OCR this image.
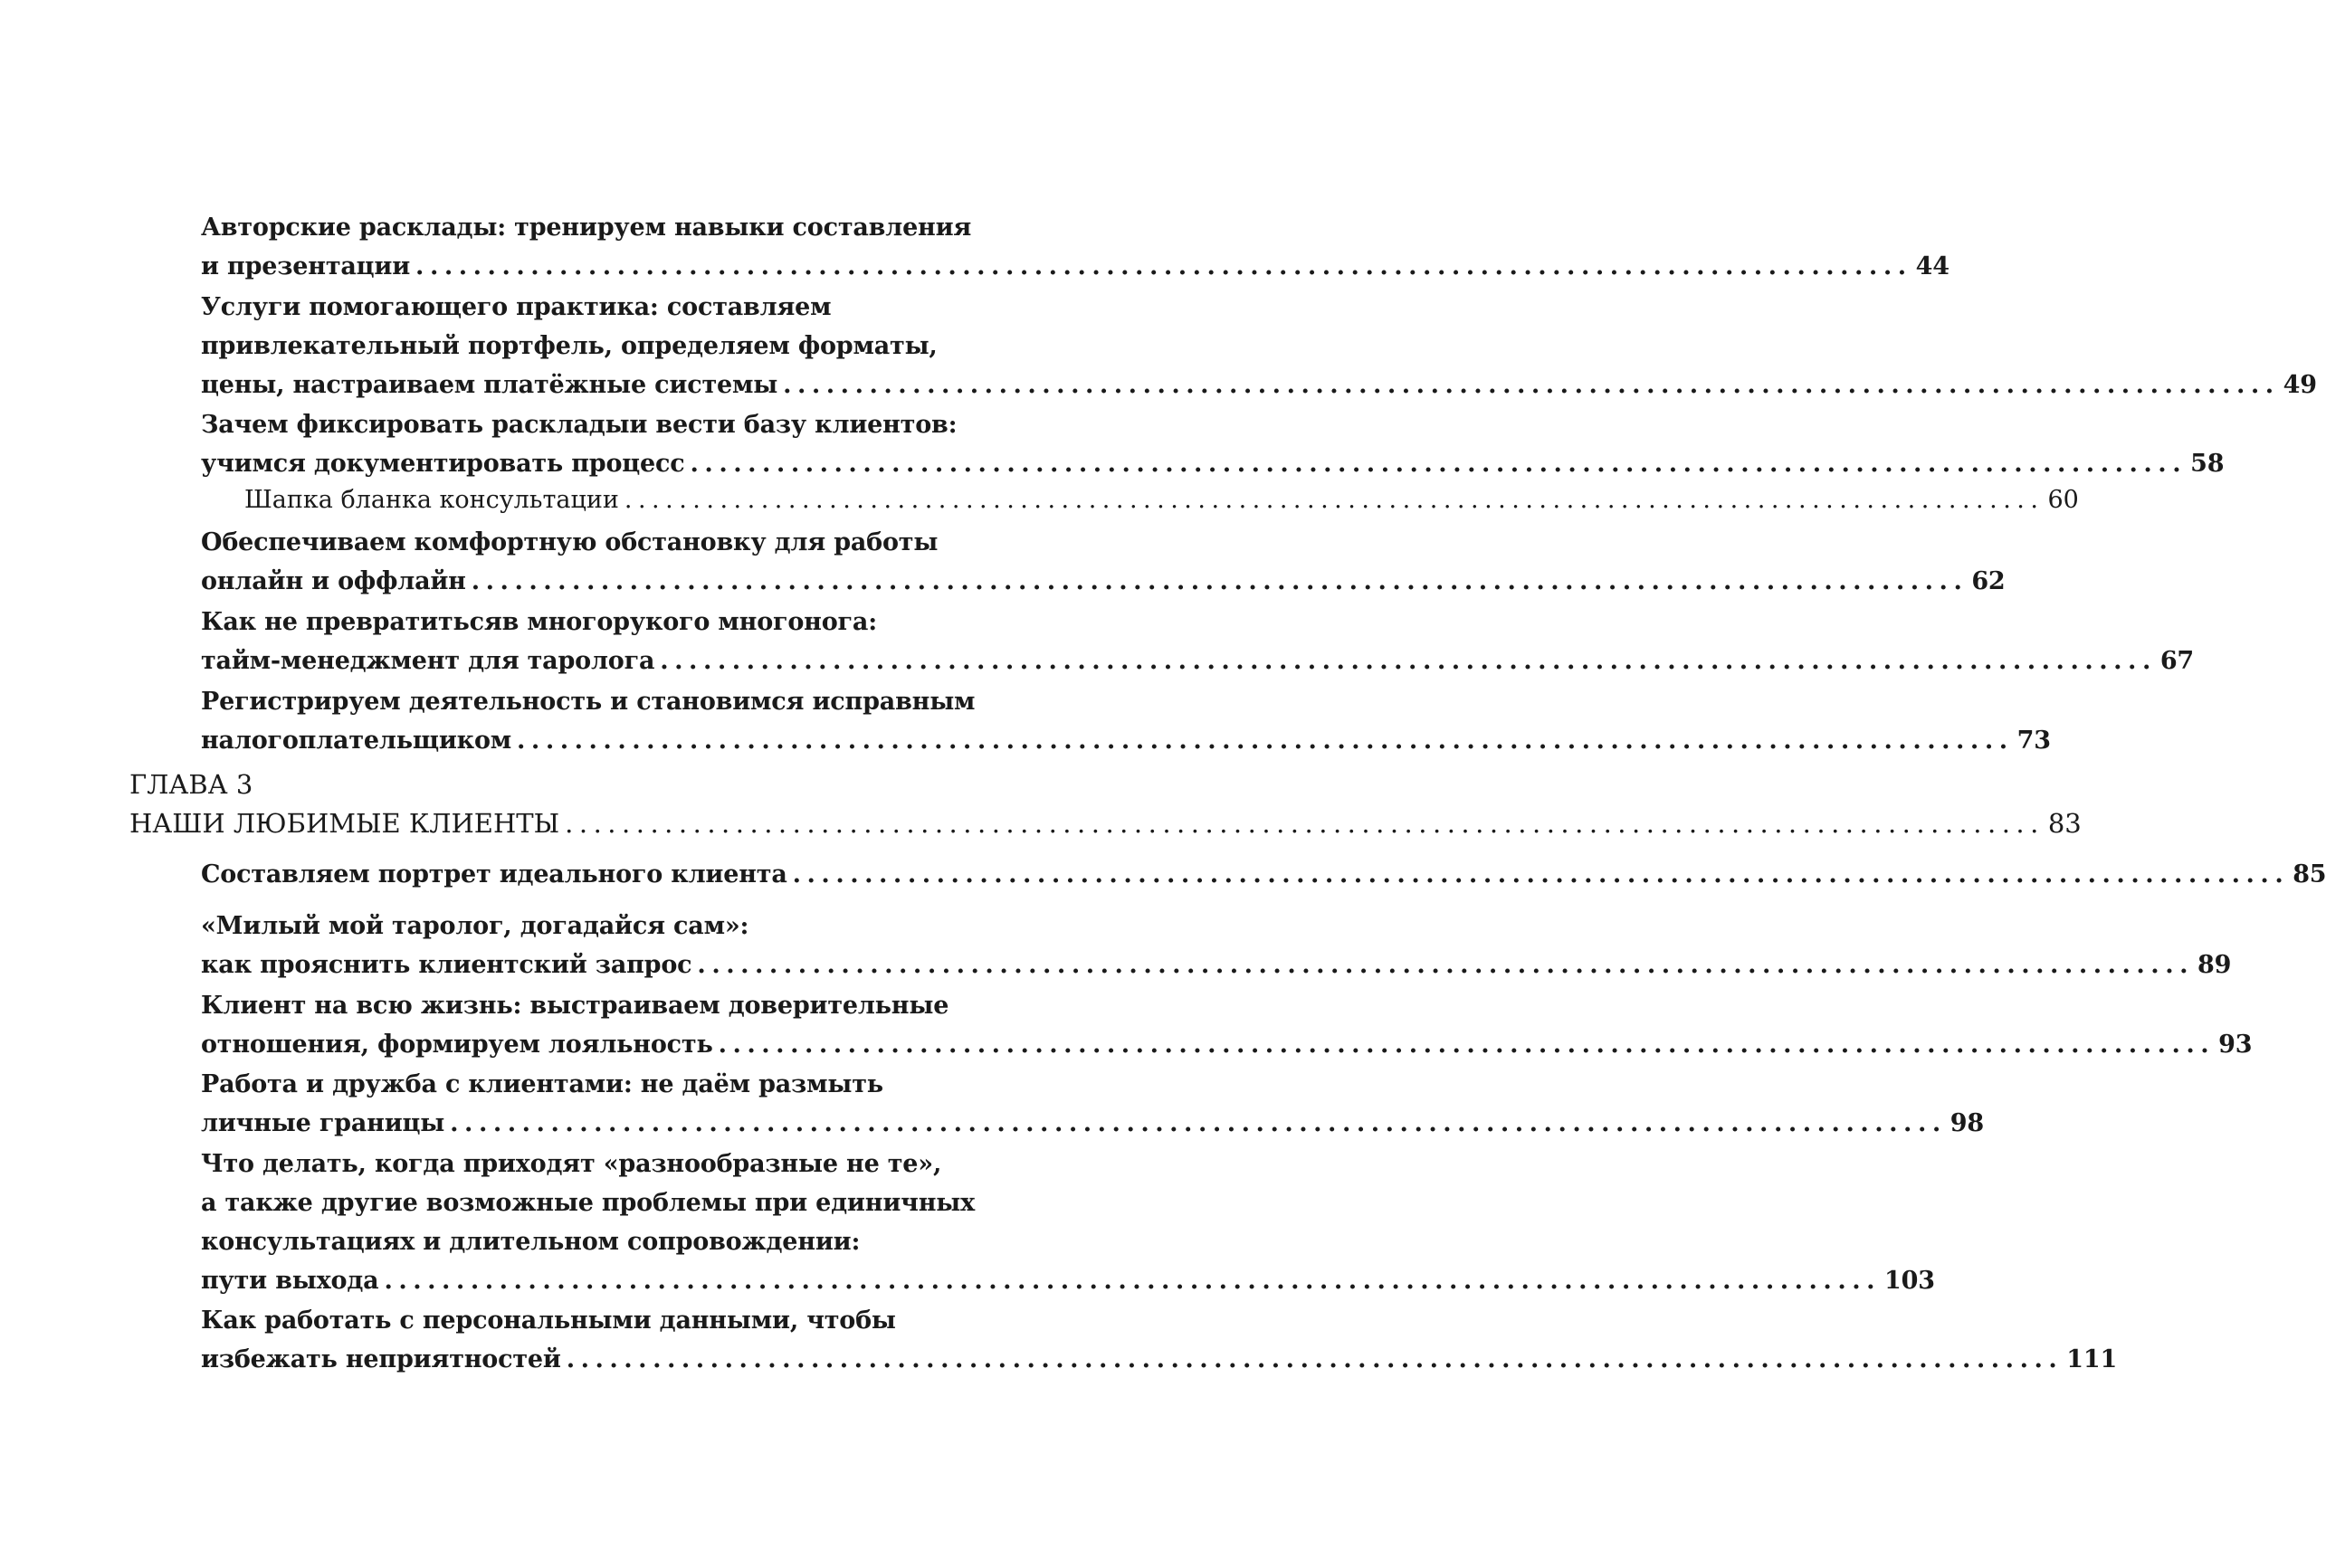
Авторские расклады: тренируем навыки составления
и презентации ........................................................................................................ 44
Услуги помогающего практика: составляем
привлекательный портфель, определяем форматы,
цены, настраиваем платёжные системы ........................................................................................................ 49
Зачем фиксировать раскладыи вести базу клиентов:
учимся документировать процесс ........................................................................................................ 58
Шапка бланка консультации ........................................................................................................ 60
Обеспечиваем комфортную обстановку для работы
онлайн и оффлайн ........................................................................................................ 62
Как не превратитьсяв многорукого многонога:
тайм-менеджмент для таролога ........................................................................................................ 67
Регистрируем деятельность и становимся исправным
налогоплательщиком ........................................................................................................ 73
ГЛАВА 3
НАШИ ЛЮБИМЫЕ КЛИЕНТЫ ........................................................................................................ 83
Составляем портрет идеального клиента ........................................................................................................ 85
«Милый мой таролог, догадайся сам»:
как прояснить клиентский запрос ........................................................................................................ 89
Клиент на всю жизнь: выстраиваем доверительные
отношения, формируем лояльность ........................................................................................................ 93
Работа и дружба с клиентами: не даём размыть
личные границы ........................................................................................................ 98
Что делать, когда приходят «разнообразные не те»,
а также другие возможные проблемы при единичных
консультациях и длительном сопровождении:
пути выхода ........................................................................................................ 103
Как работать с персональными данными, чтобы
избежать неприятностей ........................................................................................................ 111
